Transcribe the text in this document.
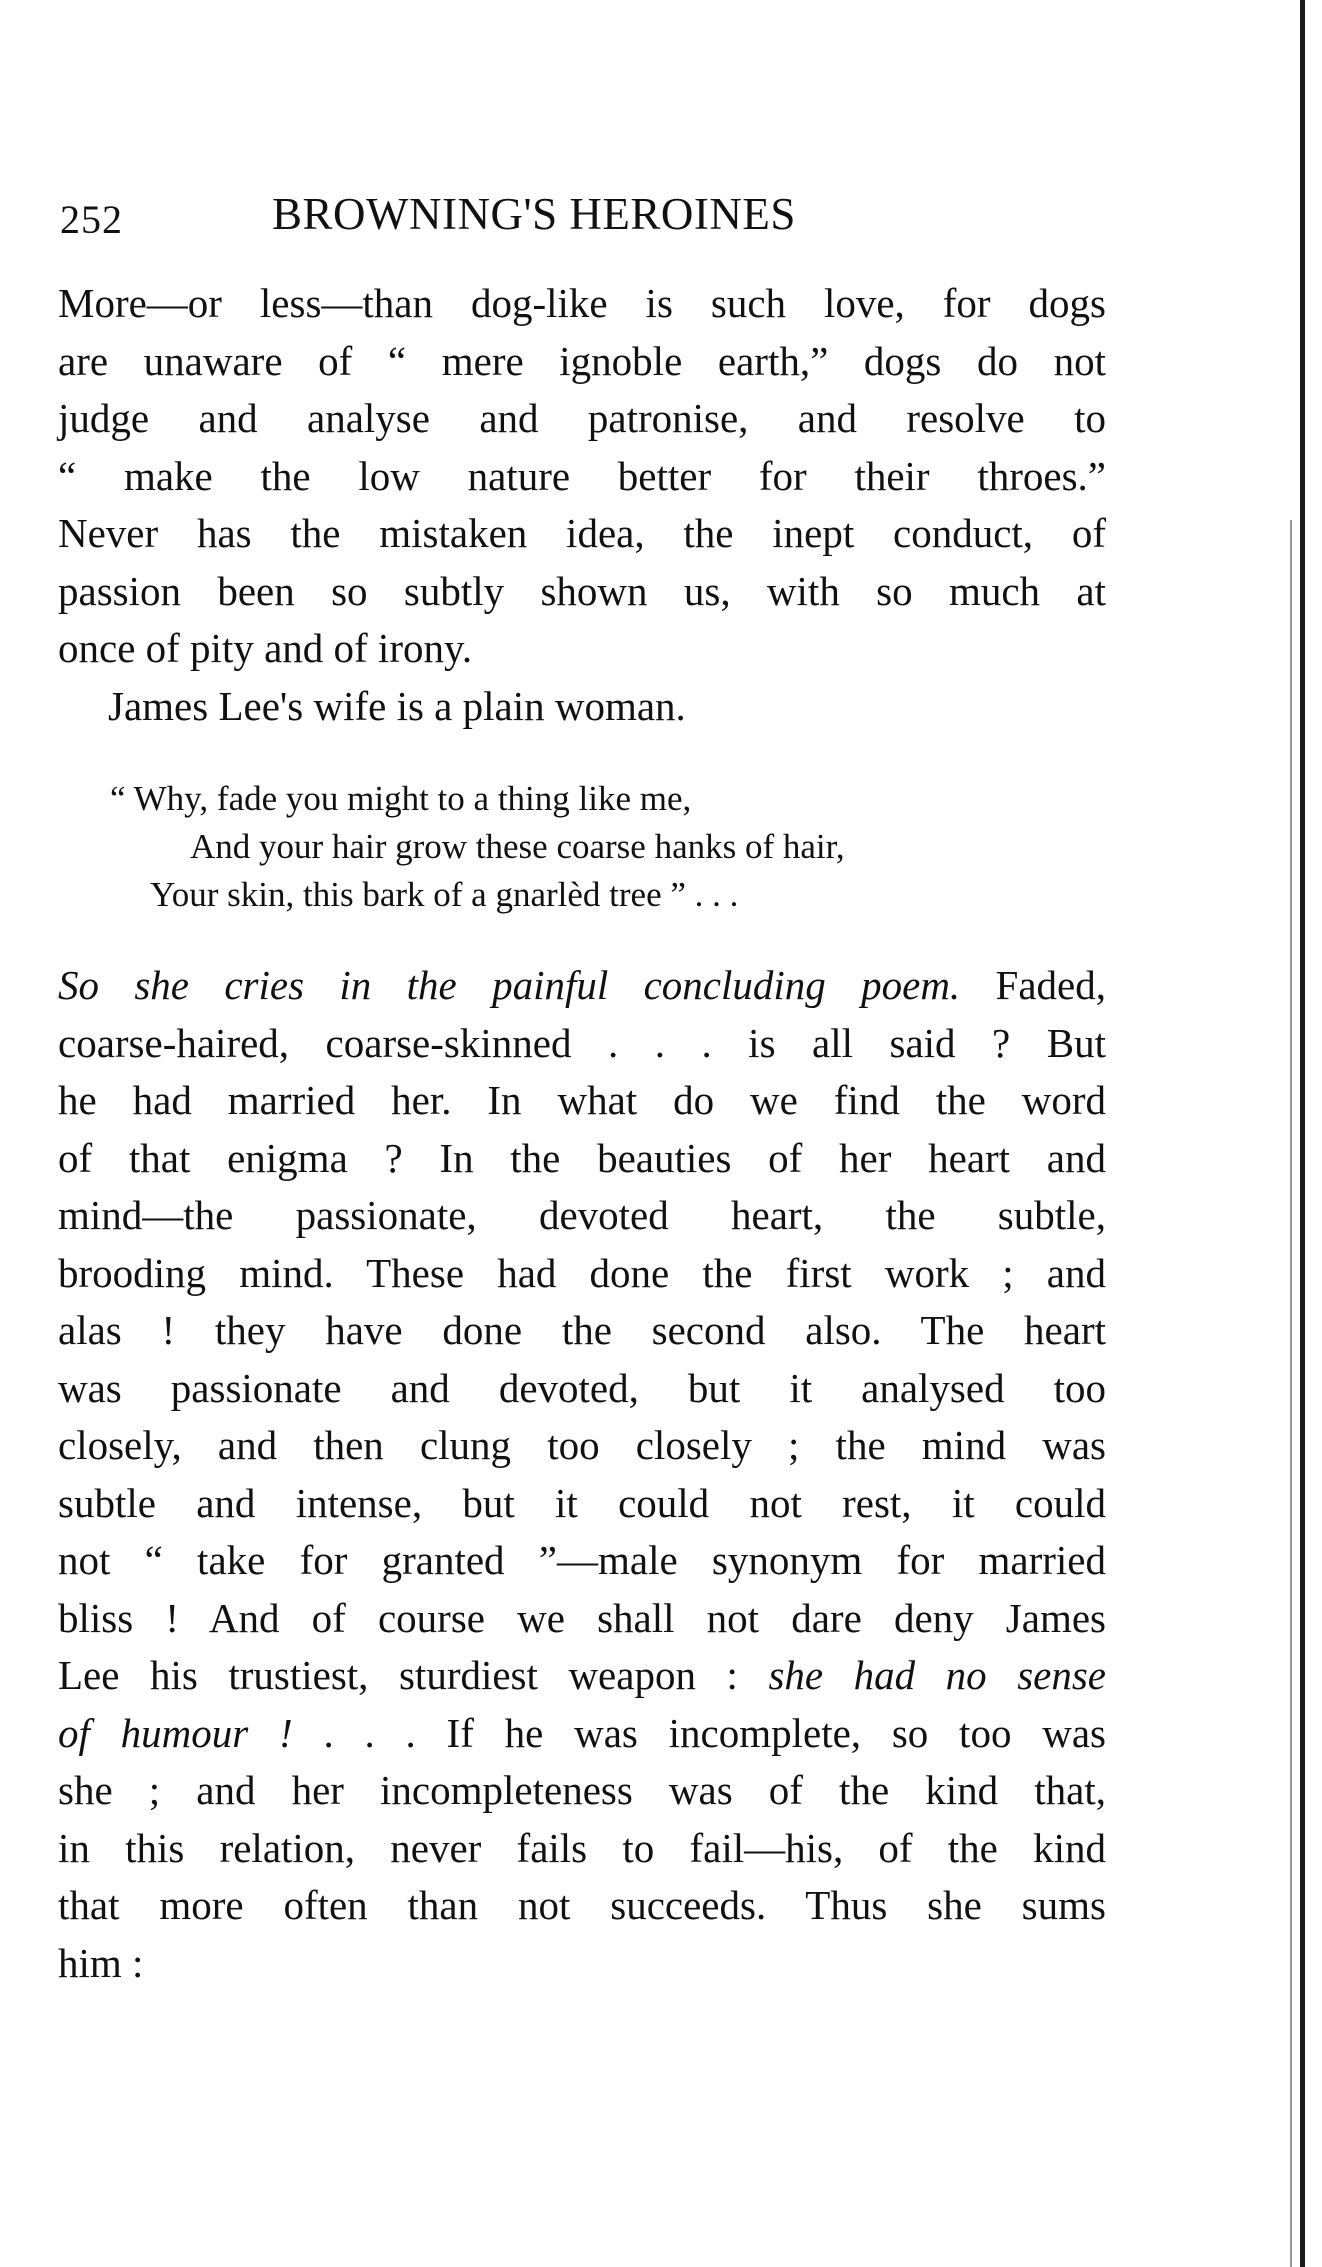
252	BROWNING'S HEROINES
More—or less—than dog-like is such love, for dogs
are unaware of “ mere ignoble earth,” dogs do not
judge and analyse and patronise, and resolve to
“ make the low nature better for their throes.”
Never has the mistaken idea, the inept conduct, of
passion been so subtly shown us, with so much at
once of pity and of irony.
James Lee's wife is a plain woman.
“ Why, fade you might to a thing like me,
And your hair grow these coarse hanks of hair,
Your skin, this bark of a gnarlèd tree ” . . .
So she cries in the painful concluding poem. Faded,
coarse-haired, coarse-skinned . . . is all said ? But
he had married her. In what do we find the word
of that enigma ? In the beauties of her heart and
mind—the passionate, devoted heart, the subtle,
brooding mind. These had done the first work ; and
alas ! they have done the second also. The heart
was passionate and devoted, but it analysed too
closely, and then clung too closely ; the mind was
subtle and intense, but it could not rest, it could
not “ take for granted ”—male synonym for married
bliss ! And of course we shall not dare deny James
Lee his trustiest, sturdiest weapon : she had no sense
of humour ! . . . If he was incomplete, so too was
she ; and her incompleteness was of the kind that,
in this relation, never fails to fail—his, of the kind
that more often than not succeeds. Thus she sums
him :
